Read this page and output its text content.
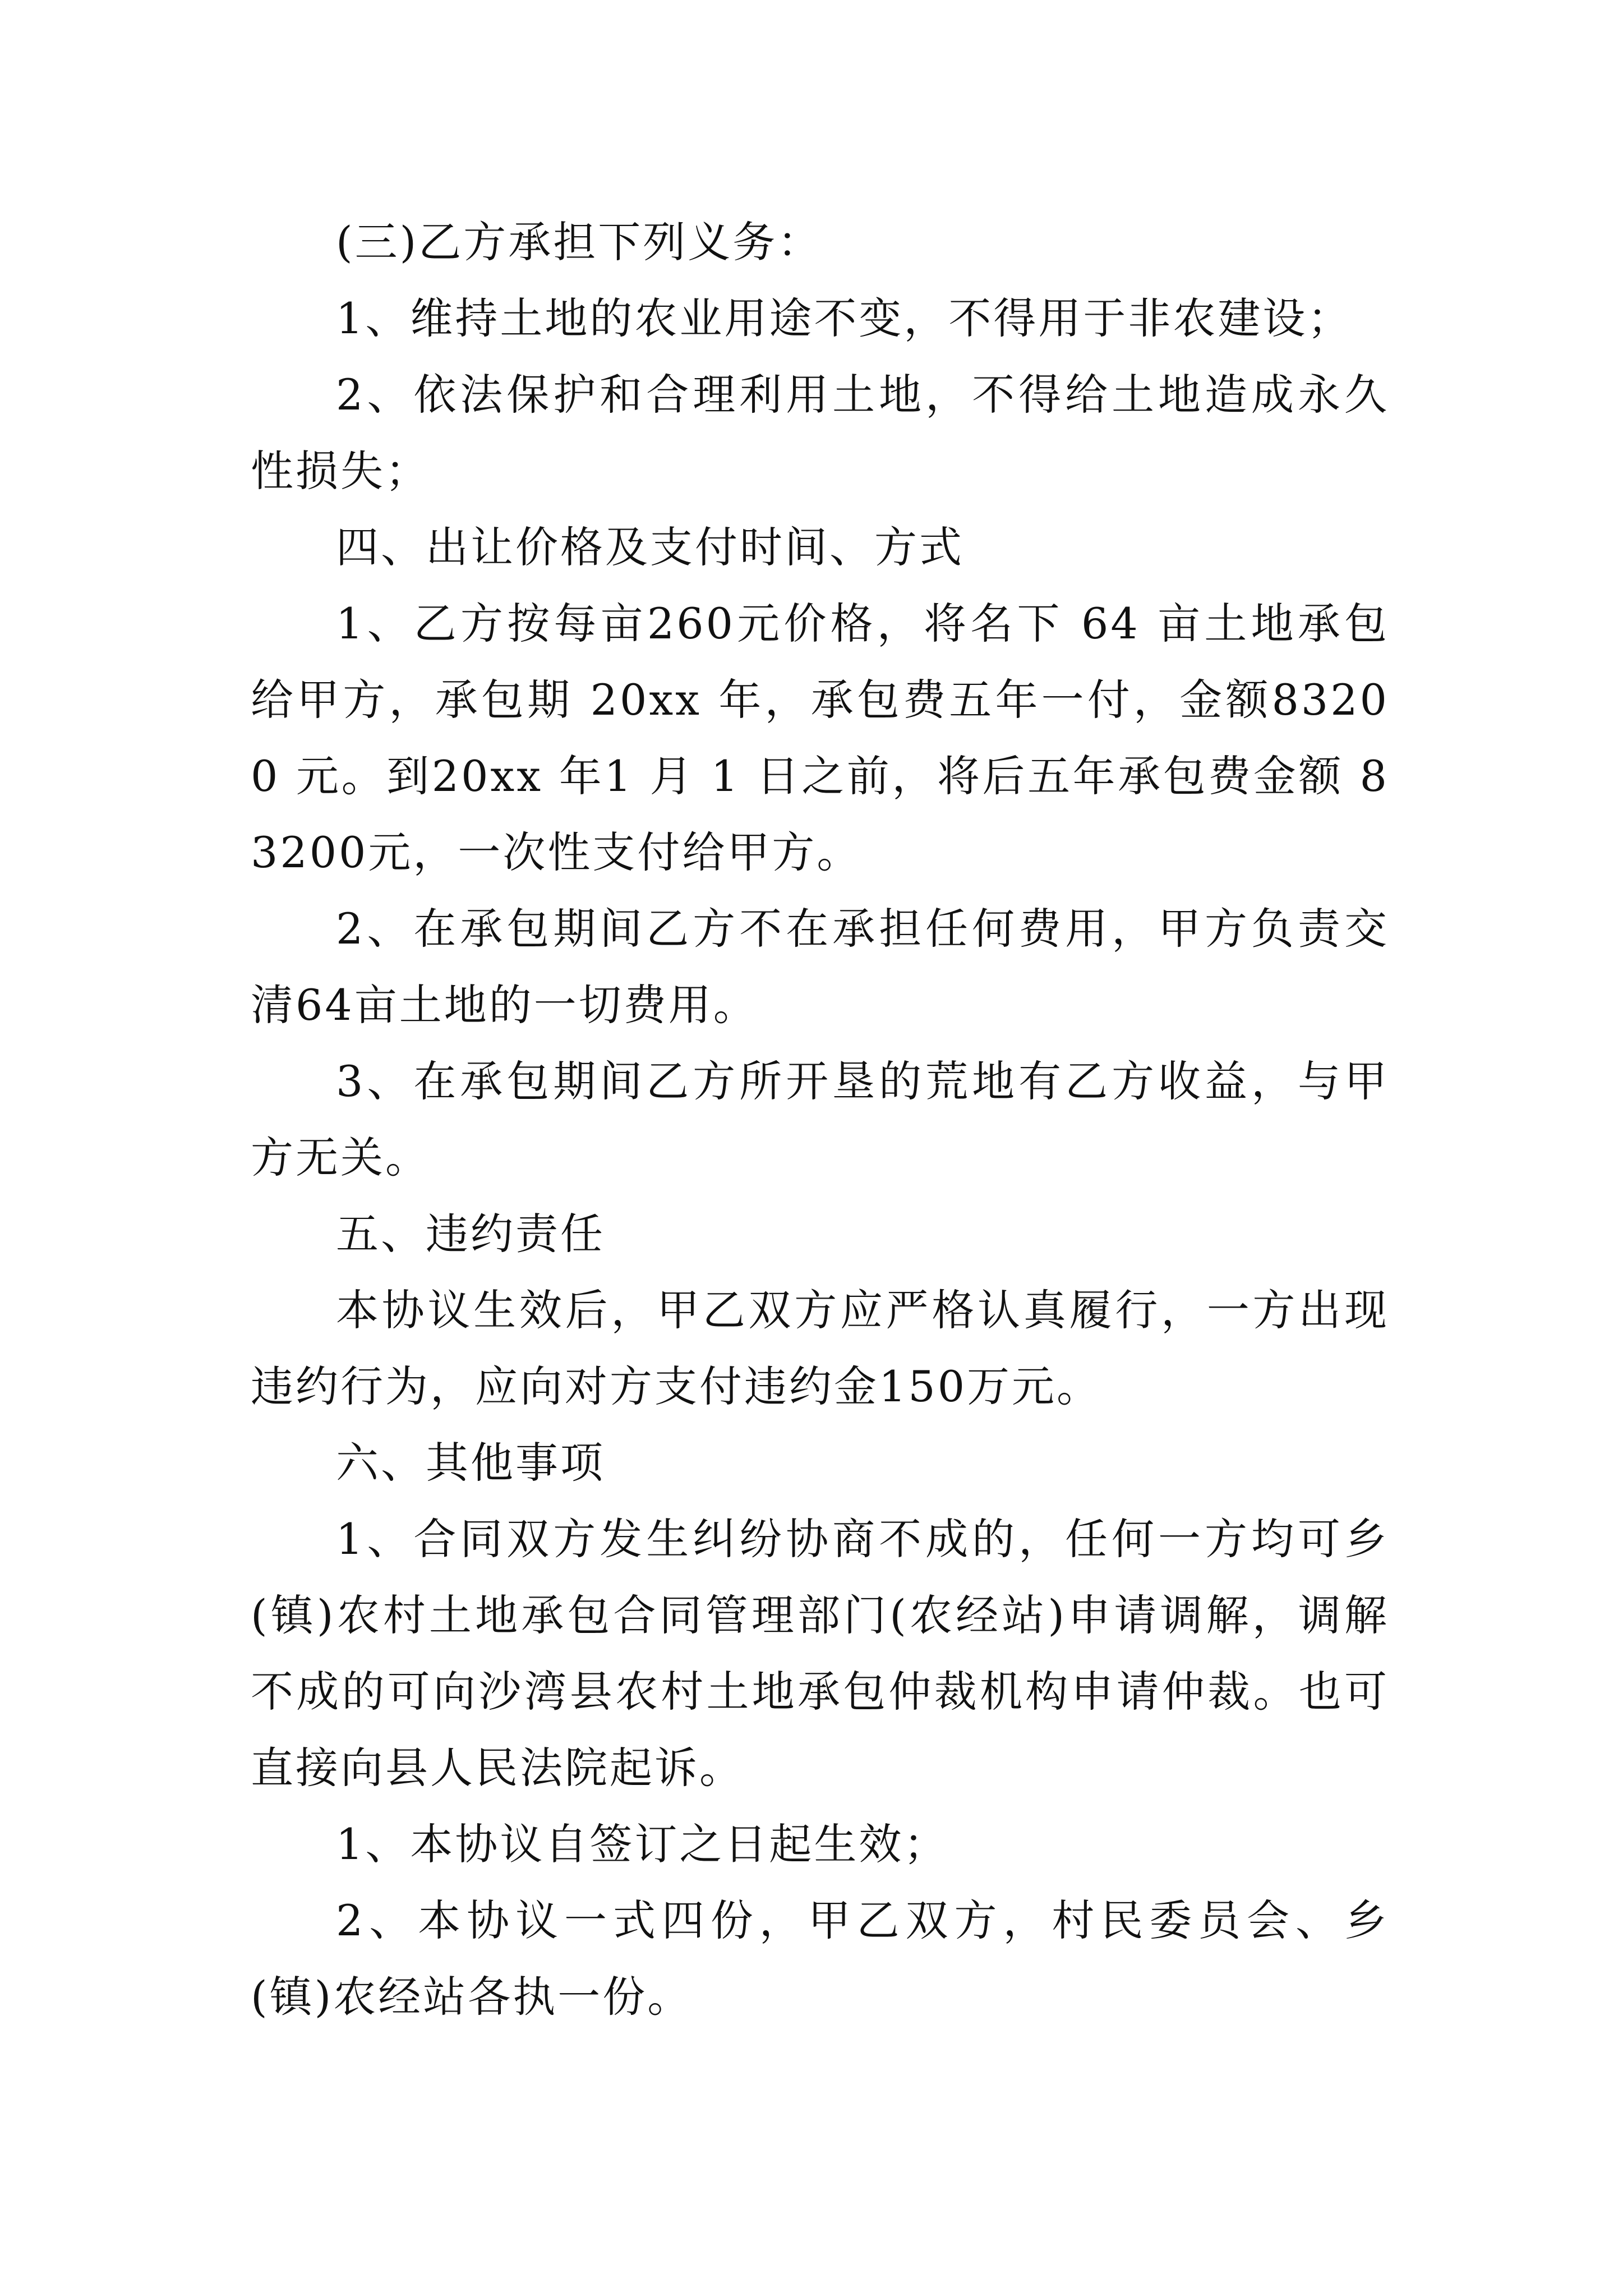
(三)乙方承担下列义务：

1、维持土地的农业用途不变，不得用于非农建设；

2、依法保护和合理利用土地，不得给土地造成永久性损失；

四、出让价格及支付时间、方式

1、乙方按每亩260元价格，将名下 64 亩土地承包给甲方，承包期 20xx 年，承包费五年一付，金额83200 元。到20xx 年1 月 1 日之前，将后五年承包费金额 83200元，一次性支付给甲方。

2、在承包期间乙方不在承担任何费用，甲方负责交清64亩土地的一切费用。

3、在承包期间乙方所开垦的荒地有乙方收益，与甲方无关。

五、违约责任

本协议生效后，甲乙双方应严格认真履行，一方出现违约行为，应向对方支付违约金150万元。

六、其他事项

1、合同双方发生纠纷协商不成的，任何一方均可乡(镇)农村土地承包合同管理部门(农经站)申请调解，调解不成的可向沙湾县农村土地承包仲裁机构申请仲裁。也可直接向县人民法院起诉。

1、本协议自签订之日起生效；

2、本协议一式四份，甲乙双方，村民委员会、乡(镇)农经站各执一份。
